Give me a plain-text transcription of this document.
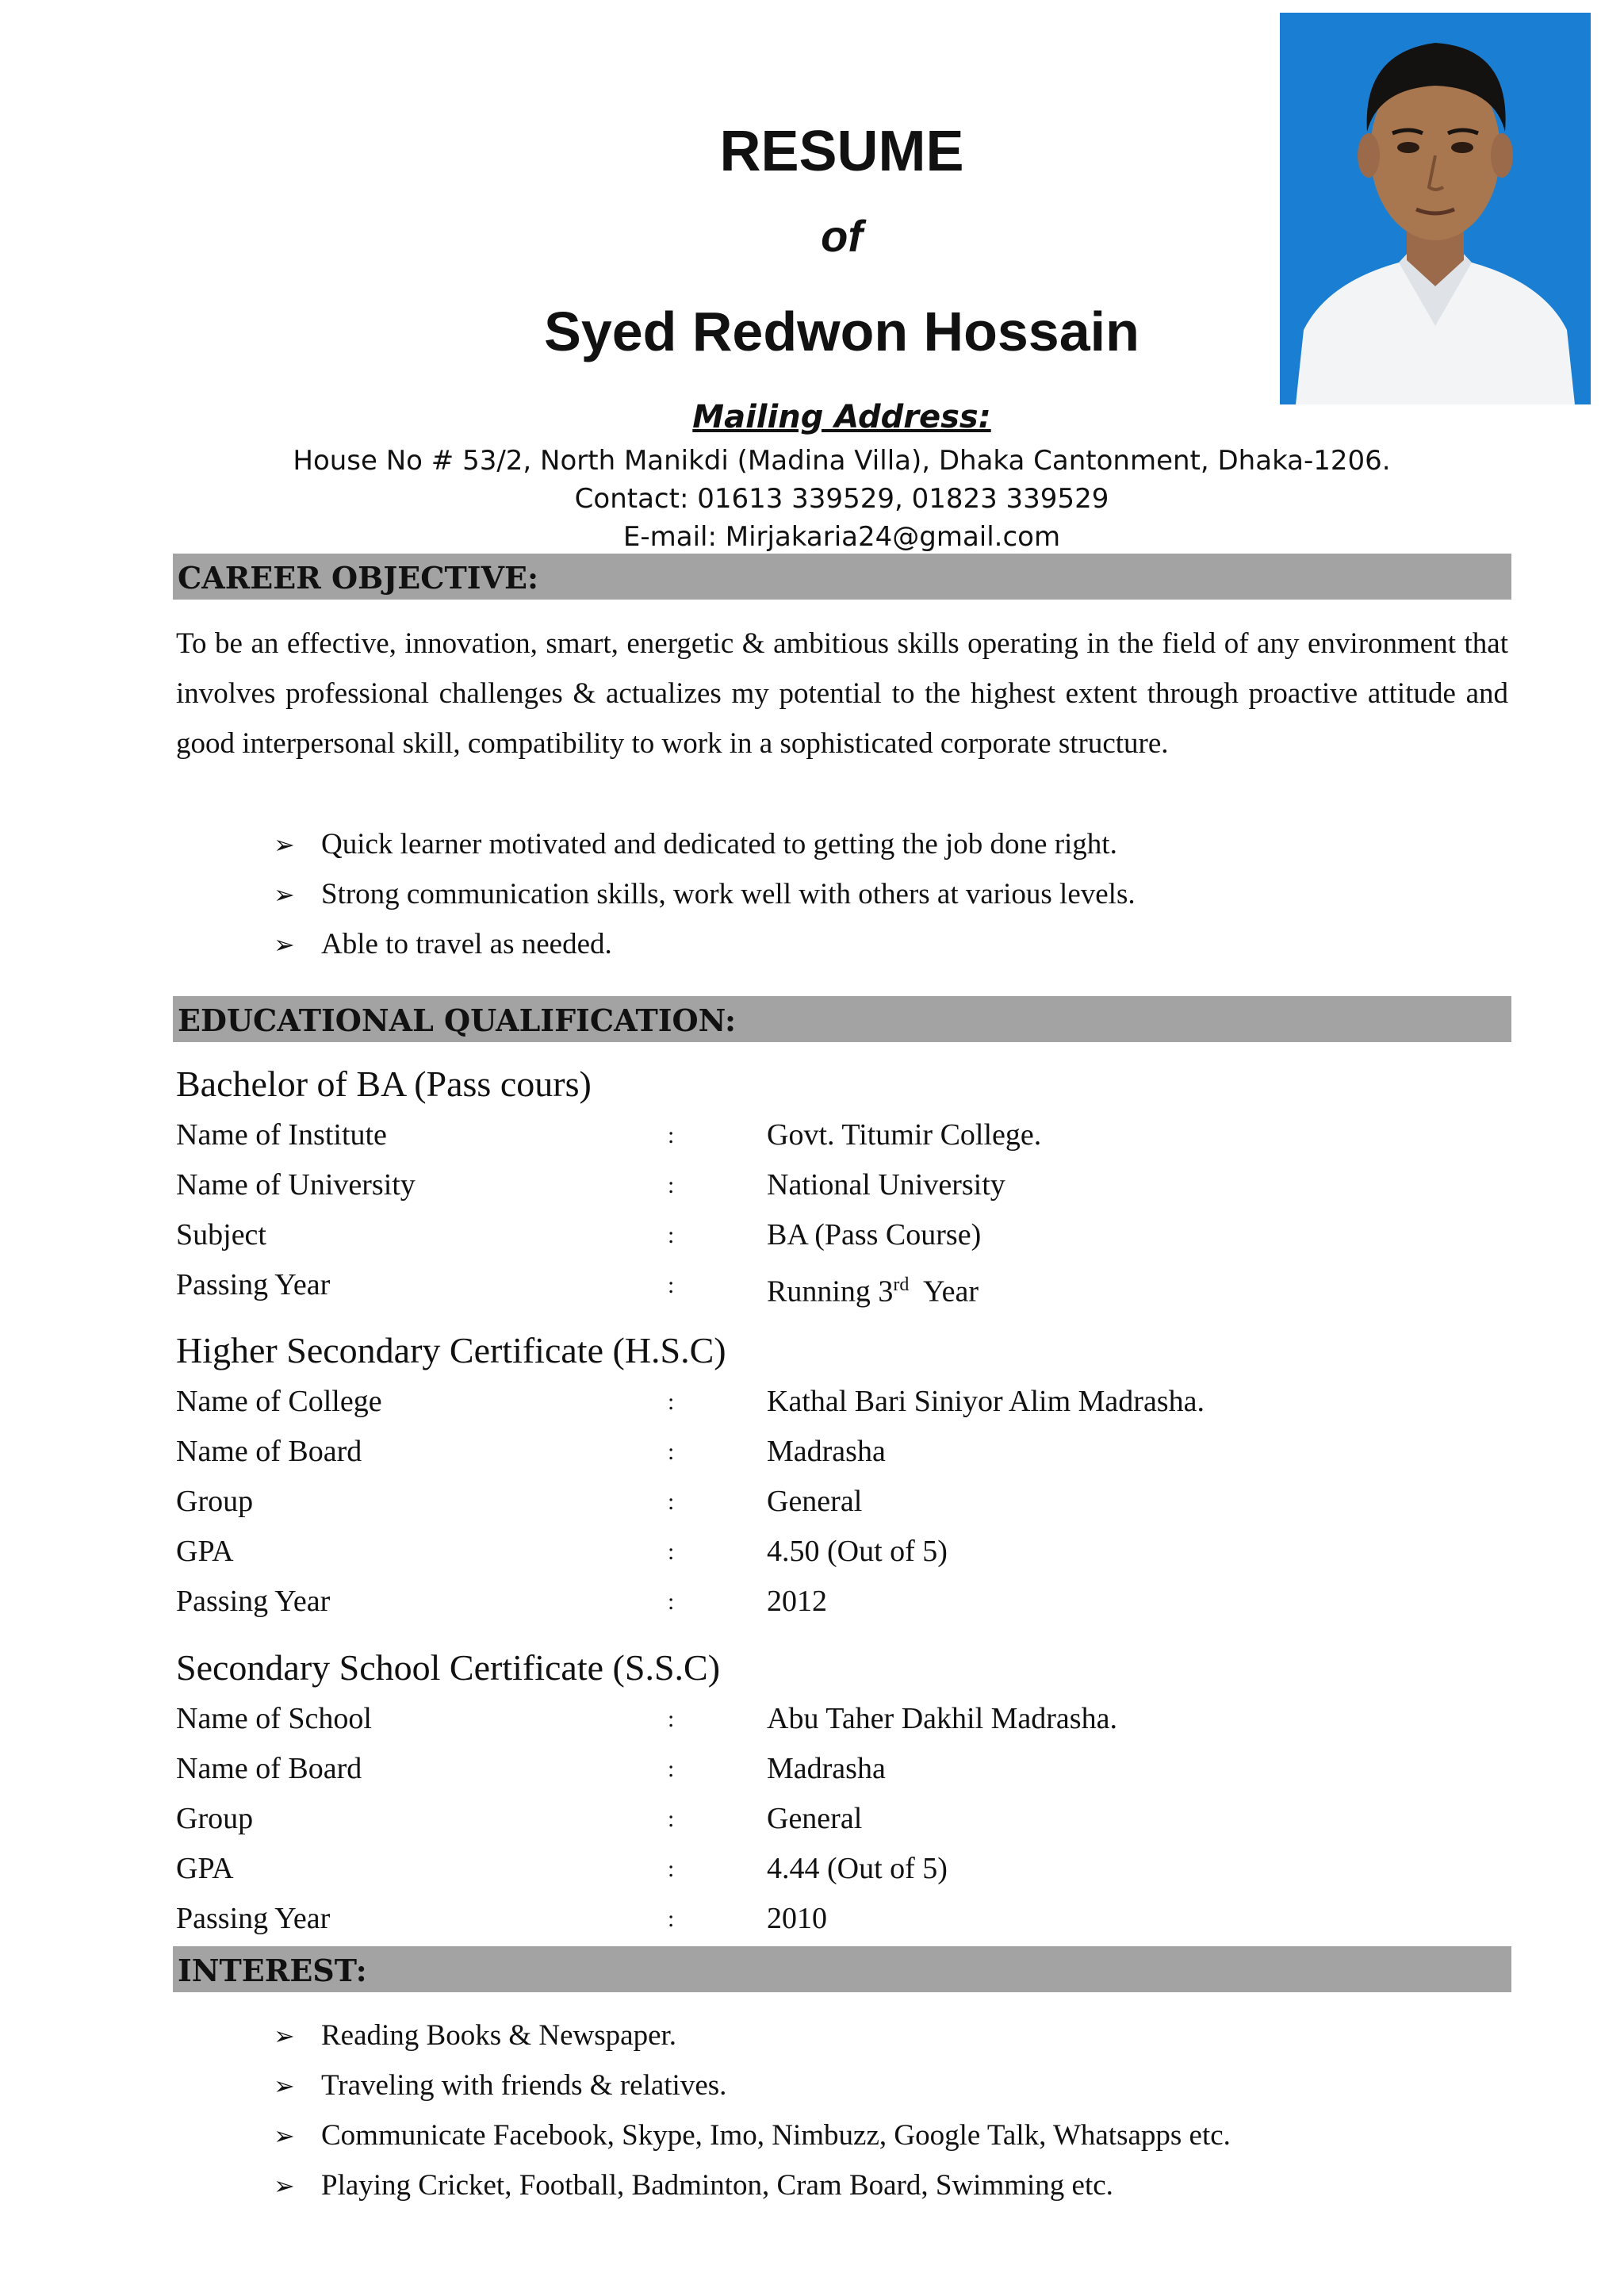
RESUME
of
Syed Redwon Hossain
Mailing Address:
House No # 53/2, North Manikdi (Madina Villa), Dhaka Cantonment, Dhaka-1206.
Contact: 01613 339529, 01823 339529
E-mail: Mirjakaria24@gmail.com
CAREER OBJECTIVE:
To be an effective, innovation, smart, energetic & ambitious skills operating in the field of any environment that involves professional challenges & actualizes my potential to the highest extent through proactive attitude and good interpersonal skill, compatibility to work in a sophisticated corporate structure.
➢ Quick learner motivated and dedicated to getting the job done right.
➢ Strong communication skills, work well with others at various levels.
➢ Able to travel as needed.
EDUCATIONAL QUALIFICATION:
Bachelor of BA (Pass cours)
Name of Institute	:	Govt. Titumir College.
Name of University	:	National University
Subject	:	BA (Pass Course)
Passing Year	:	Running 3rd  Year
Higher Secondary Certificate (H.S.C)
Name of College	:	Kathal Bari Siniyor Alim Madrasha.
Name of Board	:	Madrasha
Group	:	General
GPA	:	4.50 (Out of 5)
Passing Year	:	2012
Secondary School Certificate (S.S.C)
Name of School	:	Abu Taher Dakhil Madrasha.
Name of Board	:	Madrasha
Group	:	General
GPA	:	4.44 (Out of 5)
Passing Year	:	2010
INTEREST:
➢ Reading Books & Newspaper.
➢ Traveling with friends & relatives.
➢ Communicate Facebook, Skype, Imo, Nimbuzz, Google Talk, Whatsapps etc.
➢ Playing Cricket, Football, Badminton, Cram Board, Swimming etc.
